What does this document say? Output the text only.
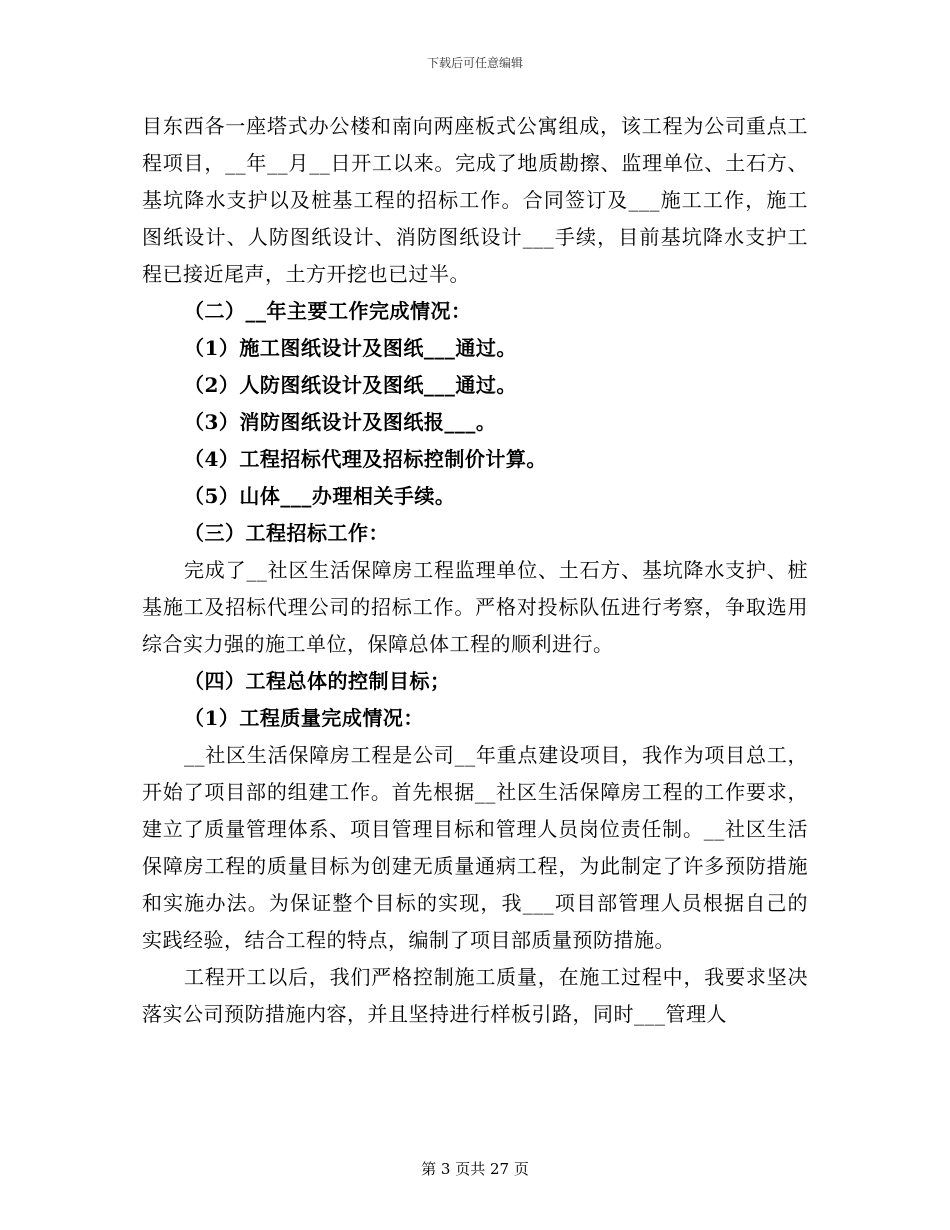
下载后可任意编辑

目东西各一座塔式办公楼和南向两座板式公寓组成，该工程为公司重点工程项目，__年__月__日开工以来。完成了地质勘擦、监理单位、土石方、基坑降水支护以及桩基工程的招标工作。合同签订及___施工工作，施工图纸设计、人防图纸设计、消防图纸设计___手续，目前基坑降水支护工程已接近尾声，土方开挖也已过半。

（二）__年主要工作完成情况：

（1）施工图纸设计及图纸___通过。

（2）人防图纸设计及图纸___通过。

（3）消防图纸设计及图纸报___。

（4）工程招标代理及招标控制价计算。

（5）山体___办理相关手续。

（三）工程招标工作：

完成了__社区生活保障房工程监理单位、土石方、基坑降水支护、桩基施工及招标代理公司的招标工作。严格对投标队伍进行考察，争取选用综合实力强的施工单位，保障总体工程的顺利进行。

（四）工程总体的控制目标；

（1）工程质量完成情况：

__社区生活保障房工程是公司__年重点建设项目，我作为项目总工，开始了项目部的组建工作。首先根据__社区生活保障房工程的工作要求，建立了质量管理体系、项目管理目标和管理人员岗位责任制。__社区生活保障房工程的质量目标为创建无质量通病工程，为此制定了许多预防措施和实施办法。为保证整个目标的实现，我___项目部管理人员根据自己的实践经验，结合工程的特点，编制了项目部质量预防措施。

工程开工以后，我们严格控制施工质量，在施工过程中，我要求坚决落实公司预防措施内容，并且坚持进行样板引路，同时___管理人

第 3 页共 27 页
